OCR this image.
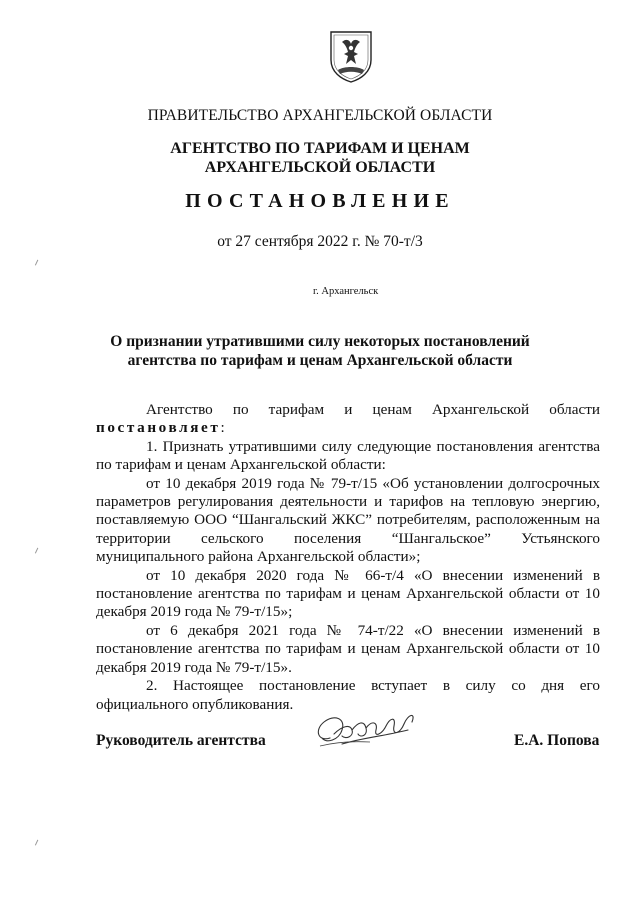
ПРАВИТЕЛЬСТВО АРХАНГЕЛЬСКОЙ ОБЛАСТИ
АГЕНТСТВО ПО ТАРИФАМ И ЦЕНАМ
АРХАНГЕЛЬСКОЙ ОБЛАСТИ
ПОСТАНОВЛЕНИЕ
от 27 сентября 2022 г. № 70-т/3
г. Архангельск
О признании утратившими силу некоторых постановлений
агентства по тарифам и ценам Архангельской области

Агентство по тарифам и ценам Архангельской области

постановляет:

1. Признать утратившими силу следующие постановления агентства по тарифам и ценам Архангельской области:

от 10 декабря 2019 года № 79-т/15 «Об установлении долгосрочных параметров регулирования деятельности и тарифов на тепловую энергию, поставляемую ООО “Шангальский ЖКС” потребителям, расположенным на территории сельского поселения “Шангальское” Устьянского муниципального района Архангельской области»;

от 10 декабря 2020 года № 66-т/4 «О внесении изменений в постановление агентства по тарифам и ценам Архангельской области от 10 декабря 2019 года № 79-т/15»;

от 6 декабря 2021 года № 74-т/22 «О внесении изменений в постановление агентства по тарифам и ценам Архангельской области от 10 декабря 2019 года № 79-т/15».

2. Настоящее постановление вступает в силу со дня его официального опубликования.

Руководитель агентства	Е.А. Попова
